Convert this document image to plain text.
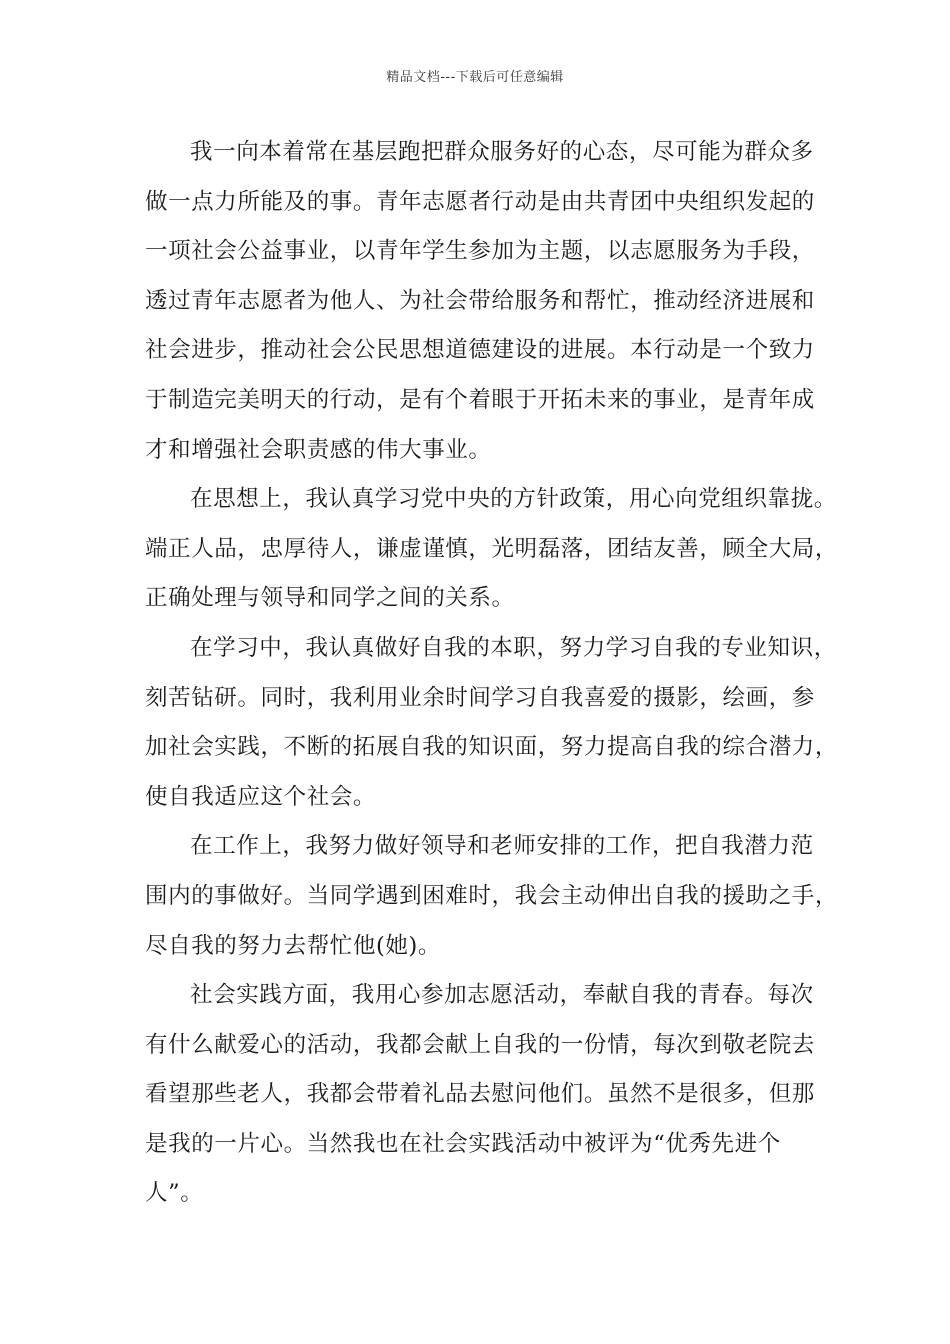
精品文档---下载后可任意编辑

我一向本着常在基层跑把群众服务好的心态，尽可能为群众多
做一点力所能及的事。青年志愿者行动是由共青团中央组织发起的
一项社会公益事业，以青年学生参加为主题，以志愿服务为手段，
透过青年志愿者为他人、为社会带给服务和帮忙，推动经济进展和
社会进步，推动社会公民思想道德建设的进展。本行动是一个致力
于制造完美明天的行动，是有个着眼于开拓未来的事业，是青年成
才和增强社会职责感的伟大事业。

在思想上，我认真学习党中央的方针政策，用心向党组织靠拢。
端正人品，忠厚待人，谦虚谨慎，光明磊落，团结友善，顾全大局，
正确处理与领导和同学之间的关系。

在学习中，我认真做好自我的本职，努力学习自我的专业知识，
刻苦钻研。同时，我利用业余时间学习自我喜爱的摄影，绘画，参
加社会实践，不断的拓展自我的知识面，努力提高自我的综合潜力，
使自我适应这个社会。

在工作上，我努力做好领导和老师安排的工作，把自我潜力范
围内的事做好。当同学遇到困难时，我会主动伸出自我的援助之手，
尽自我的努力去帮忙他(她)。

社会实践方面，我用心参加志愿活动，奉献自我的青春。每次
有什么献爱心的活动，我都会献上自我的一份情，每次到敬老院去
看望那些老人，我都会带着礼品去慰问他们。虽然不是很多，但那
是我的一片心。当然我也在社会实践活动中被评为“优秀先进个
人”。
